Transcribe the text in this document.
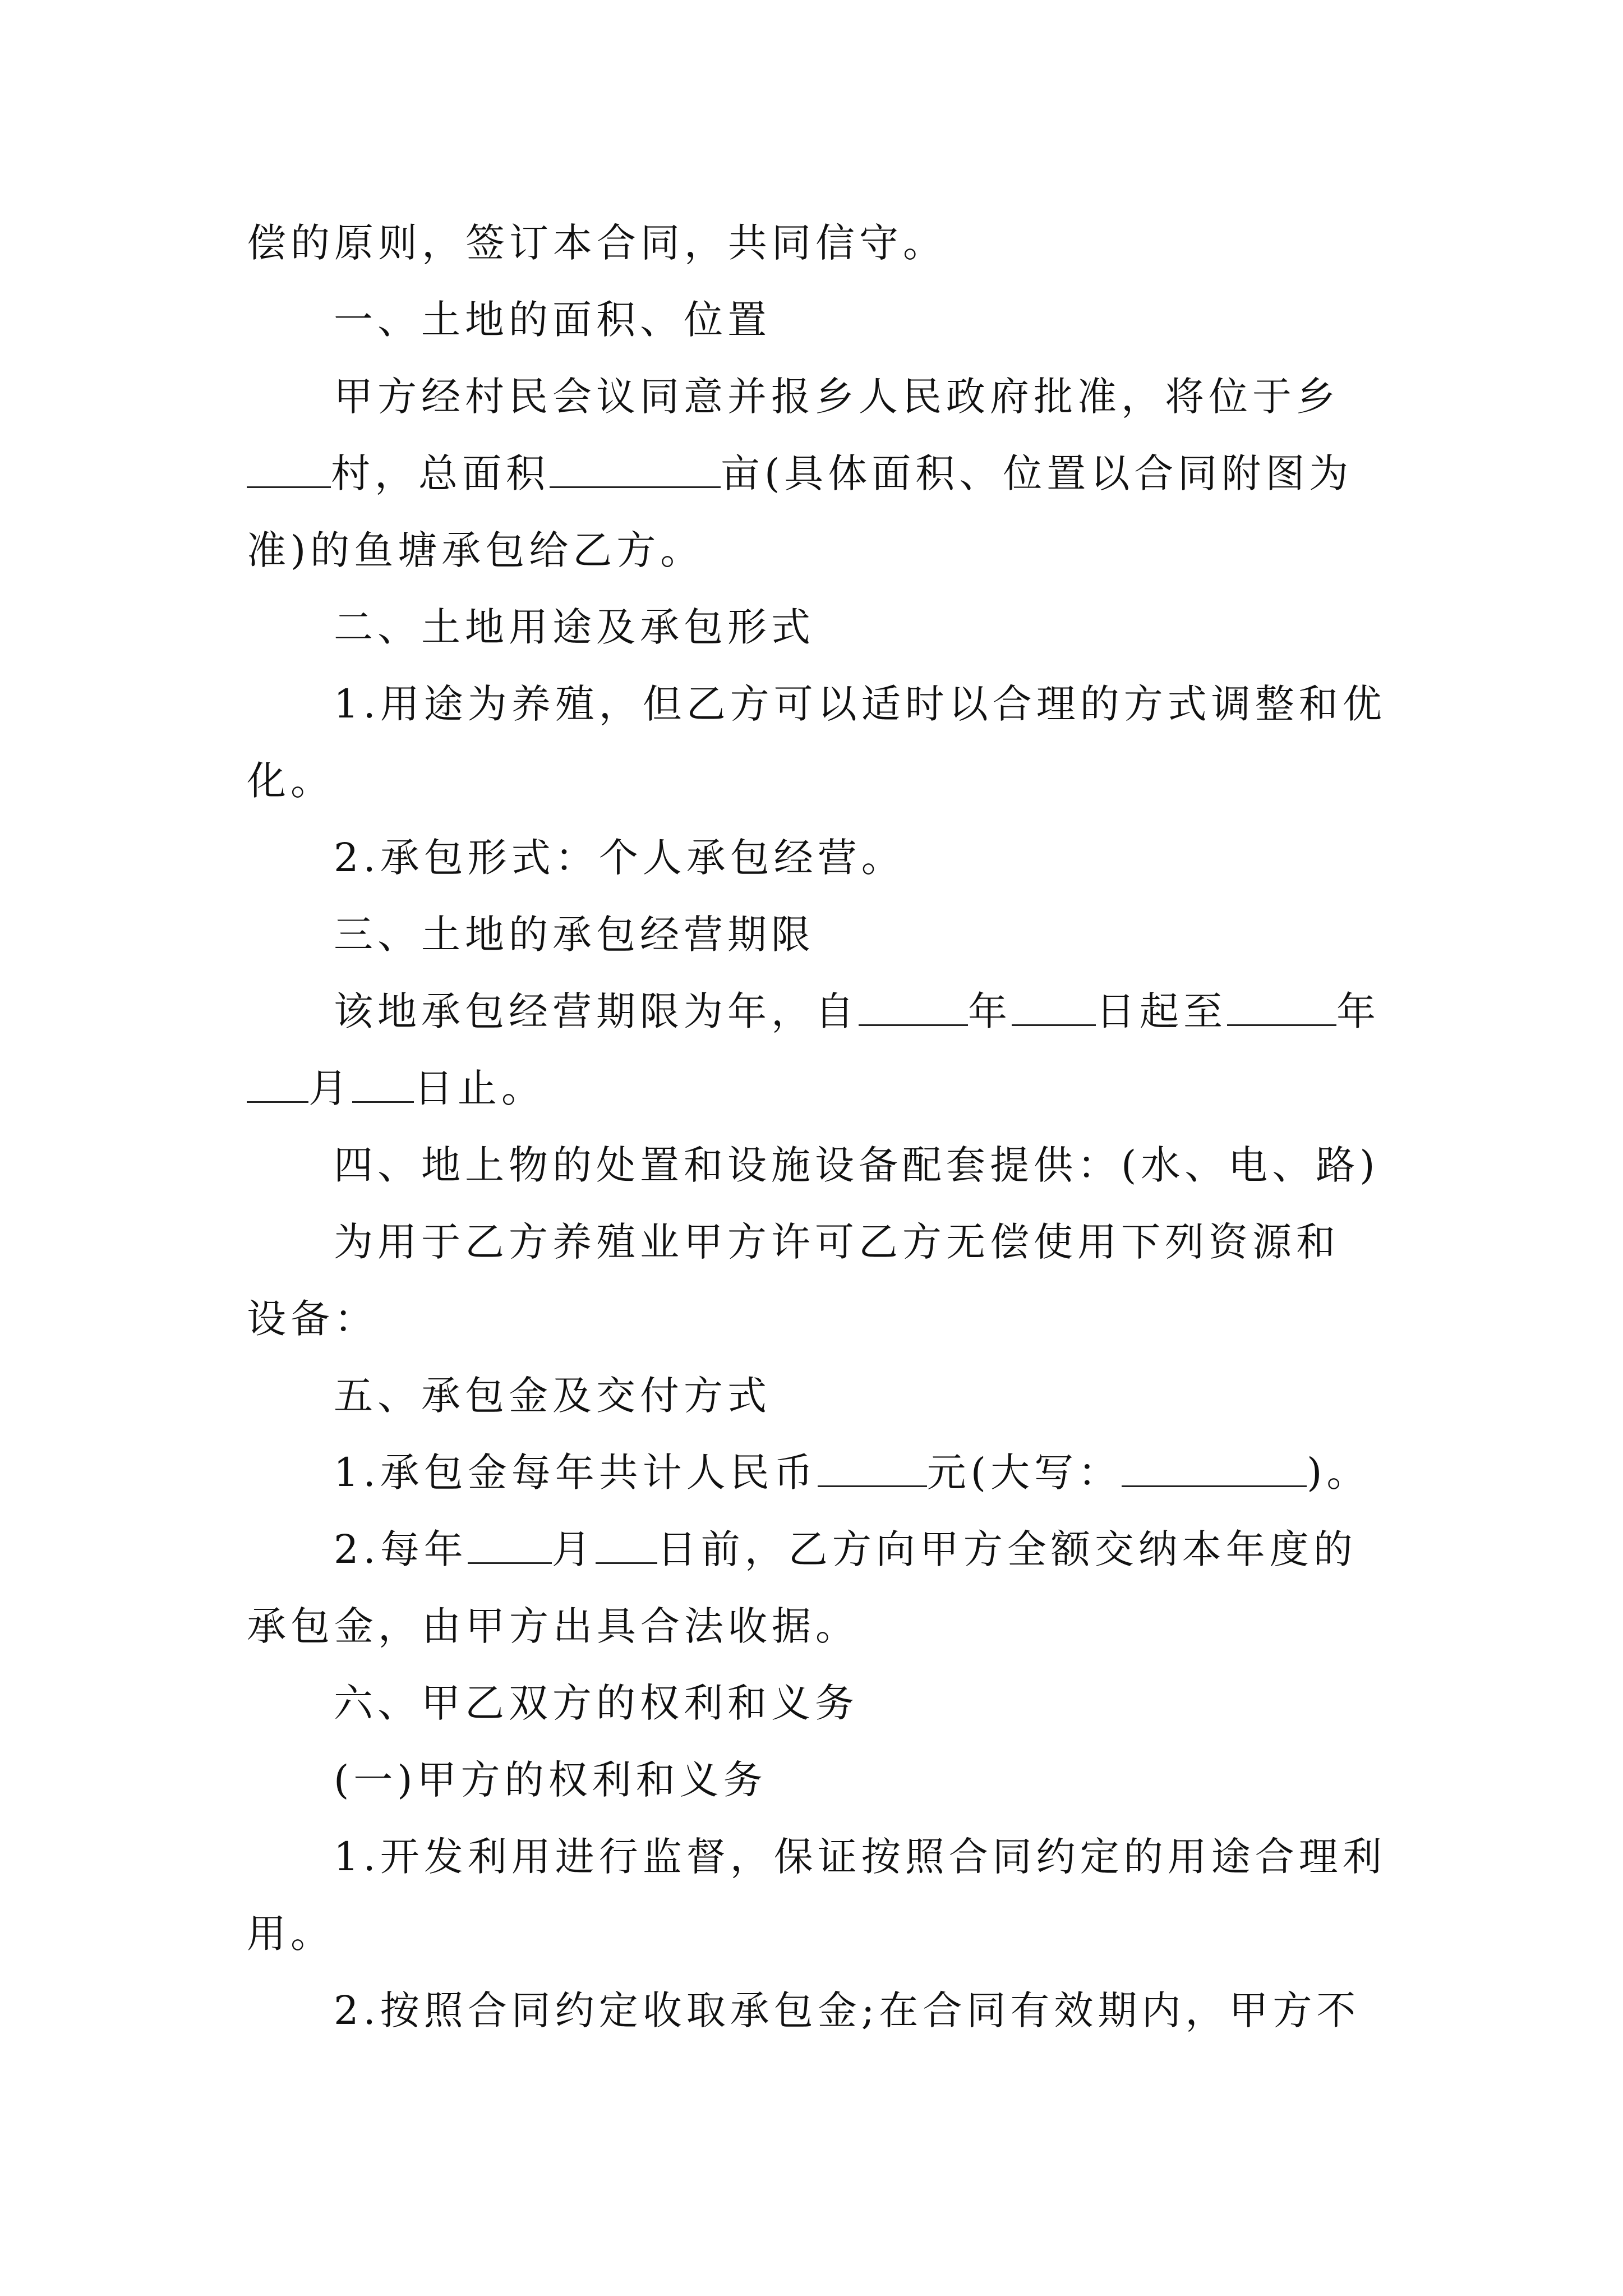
偿的原则，签订本合同，共同信守。

一、土地的面积、位置

甲方经村民会议同意并报乡人民政府批准，将位于乡

村，总面积	亩(具体面积、位置以合同附图为

准)的鱼塘承包给乙方。

二、土地用途及承包形式

1.用途为养殖，但乙方可以适时以合理的方式调整和优

化。

2.承包形式：个人承包经营。

三、土地的承包经营期限

该地承包经营期限为年，自	年 日起至	年

月 日止。

四、地上物的处置和设施设备配套提供：(水、电、路)

为用于乙方养殖业甲方许可乙方无偿使用下列资源和

设备：

五、承包金及交付方式

1.承包金每年共计人民币	元(大写：	)。

2.每年 月 日前，乙方向甲方全额交纳本年度的

承包金，由甲方出具合法收据。

六、甲乙双方的权利和义务

(一)甲方的权利和义务

1.开发利用进行监督，保证按照合同约定的用途合理利

用。

2.按照合同约定收取承包金;在合同有效期内，甲方不
